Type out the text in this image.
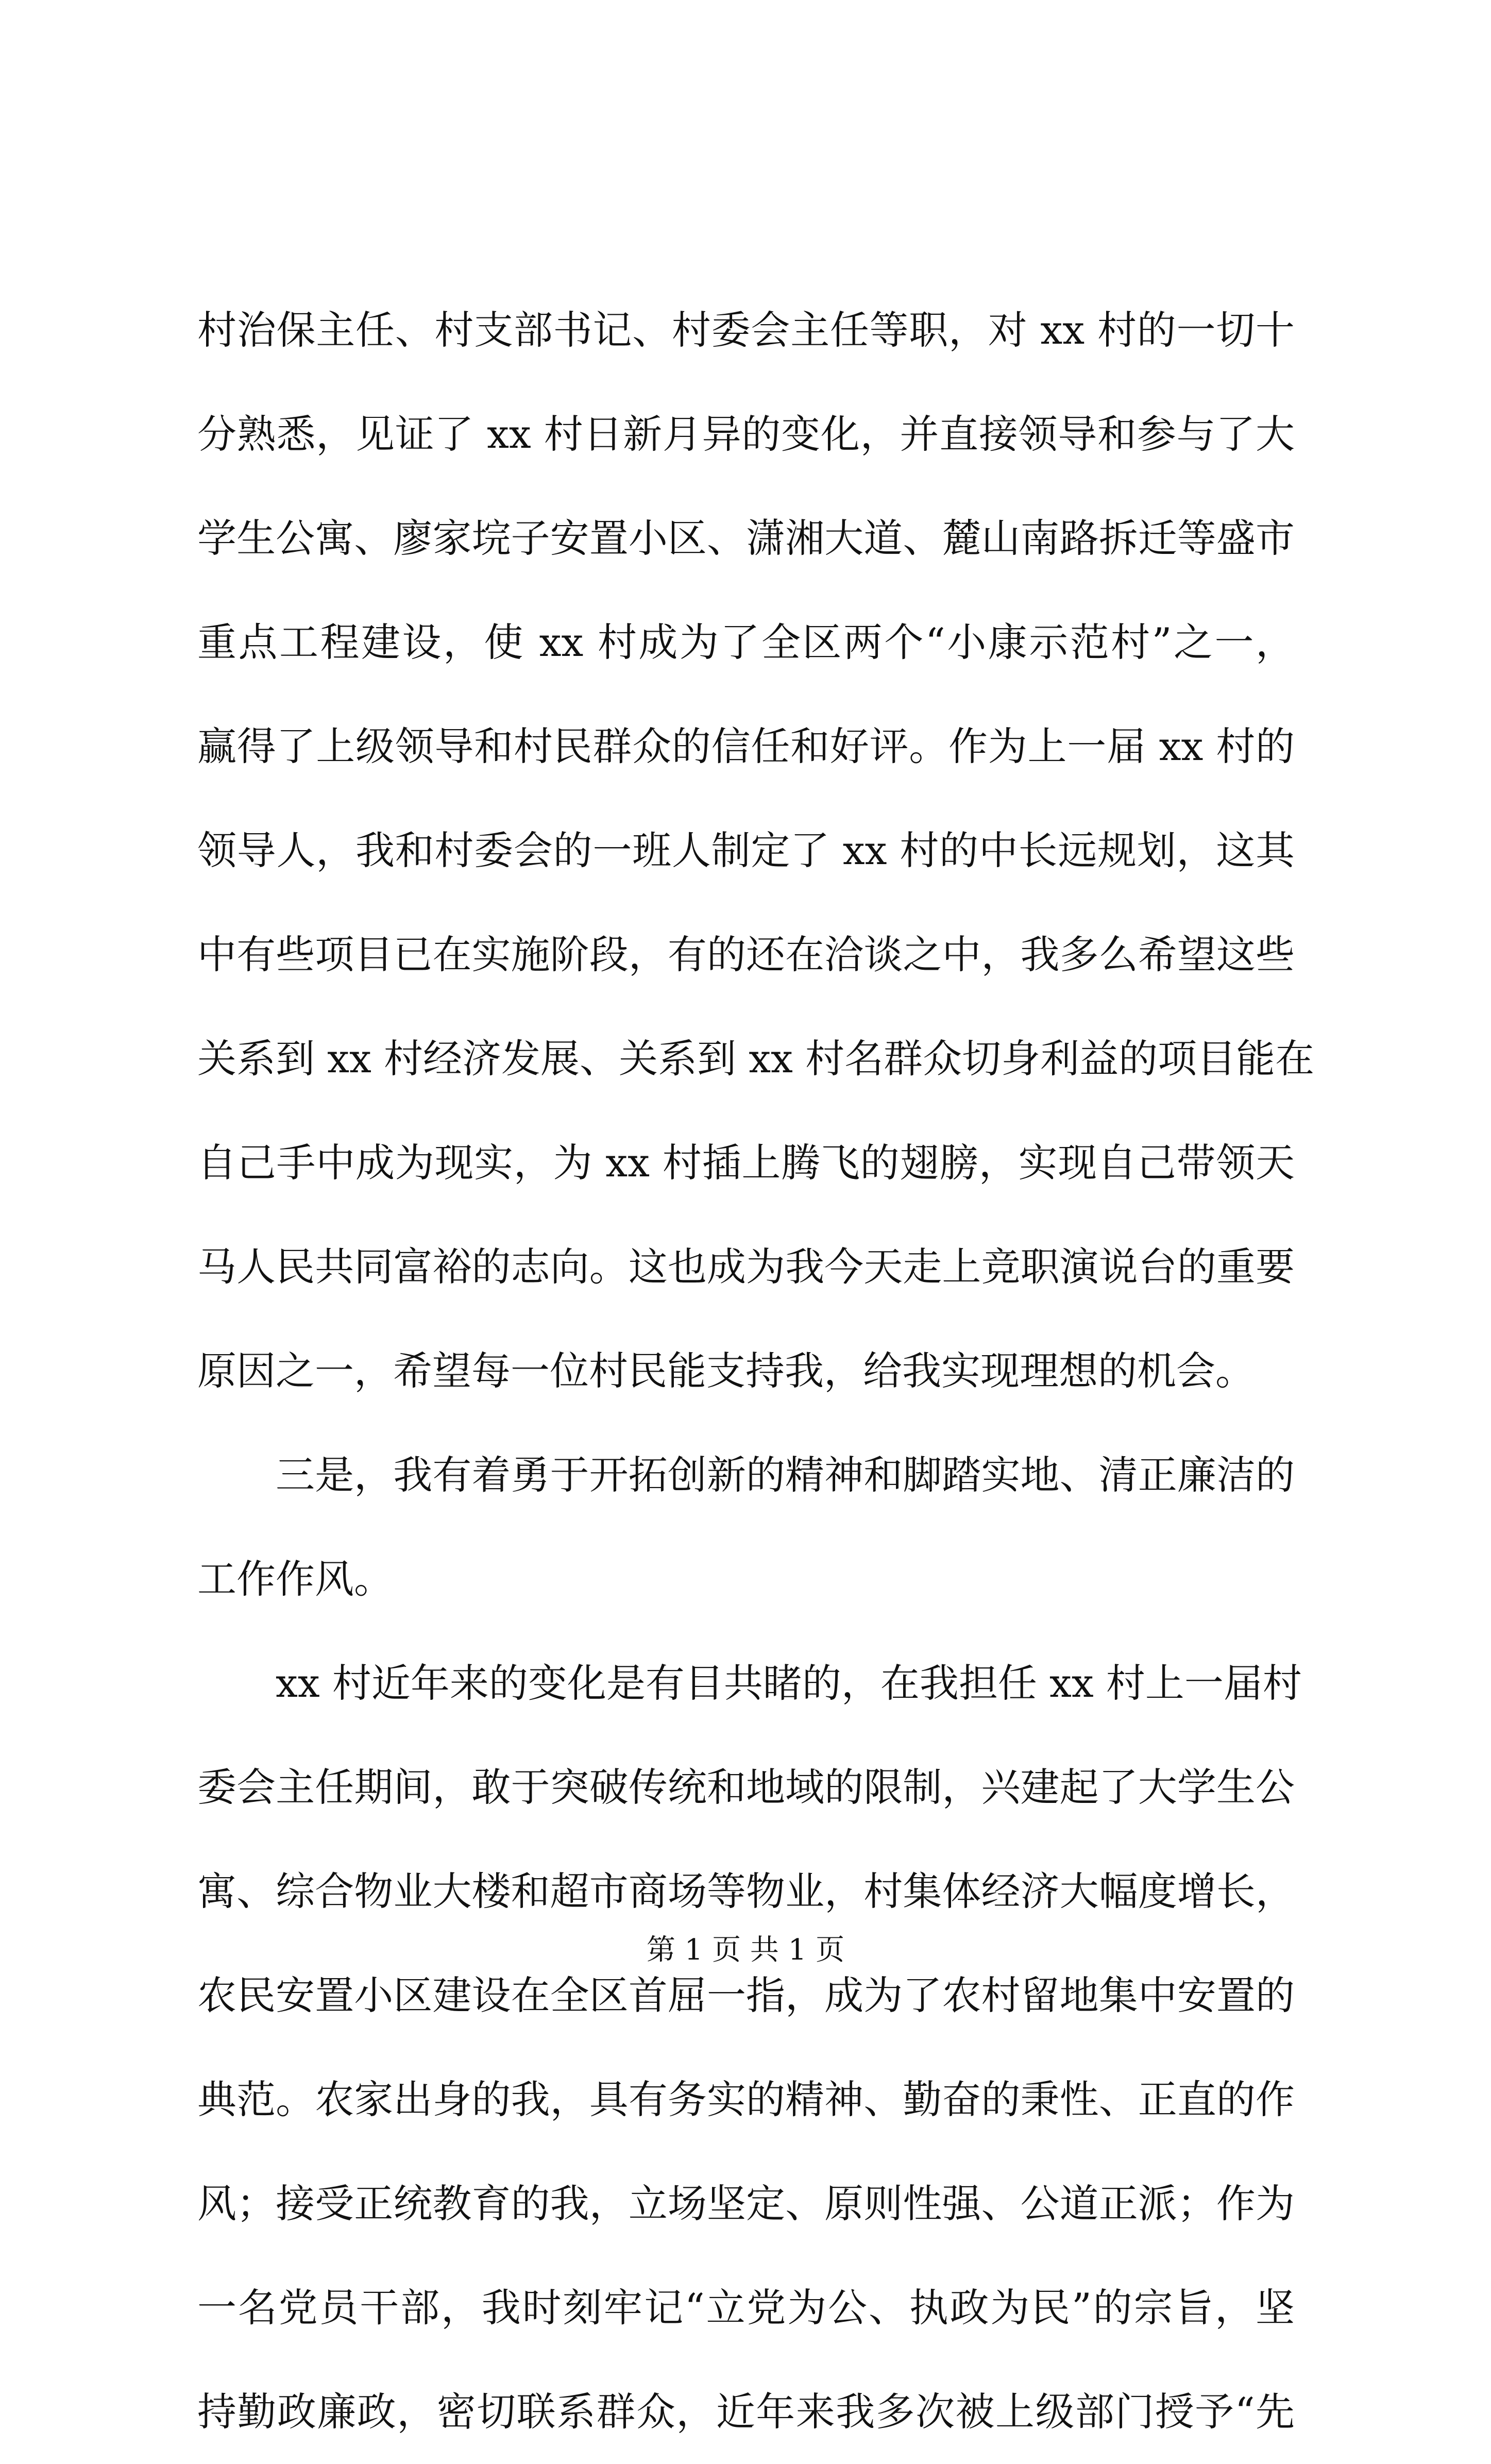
村治保主任、村支部书记、村委会主任等职，对 xx 村的一切十
分熟悉，见证了 xx 村日新月异的变化，并直接领导和参与了大
学生公寓、廖家垸子安置小区、潇湘大道、麓山南路拆迁等盛市
重点工程建设，使 xx 村成为了全区两个“小康示范村”之一，
赢得了上级领导和村民群众的信任和好评。作为上一届 xx 村的
领导人，我和村委会的一班人制定了 xx 村的中长远规划，这其
中有些项目已在实施阶段，有的还在洽谈之中，我多么希望这些
关系到 xx 村经济发展、关系到 xx 村名群众切身利益的项目能在
自己手中成为现实，为 xx 村插上腾飞的翅膀，实现自己带领天
马人民共同富裕的志向。这也成为我今天走上竞职演说台的重要
原因之一，希望每一位村民能支持我，给我实现理想的机会。
三是，我有着勇于开拓创新的精神和脚踏实地、清正廉洁的
工作作风。
xx 村近年来的变化是有目共睹的，在我担任 xx 村上一届村
委会主任期间，敢于突破传统和地域的限制，兴建起了大学生公
寓、综合物业大楼和超市商场等物业，村集体经济大幅度增长，
农民安置小区建设在全区首屈一指，成为了农村留地集中安置的
典范。农家出身的我，具有务实的精神、勤奋的秉性、正直的作
风；接受正统教育的我，立场坚定、原则性强、公道正派；作为
一名党员干部，我时刻牢记“立党为公、执政为民”的宗旨，坚
持勤政廉政，密切联系群众，近年来我多次被上级部门授予“先
第 1 页 共 1 页
